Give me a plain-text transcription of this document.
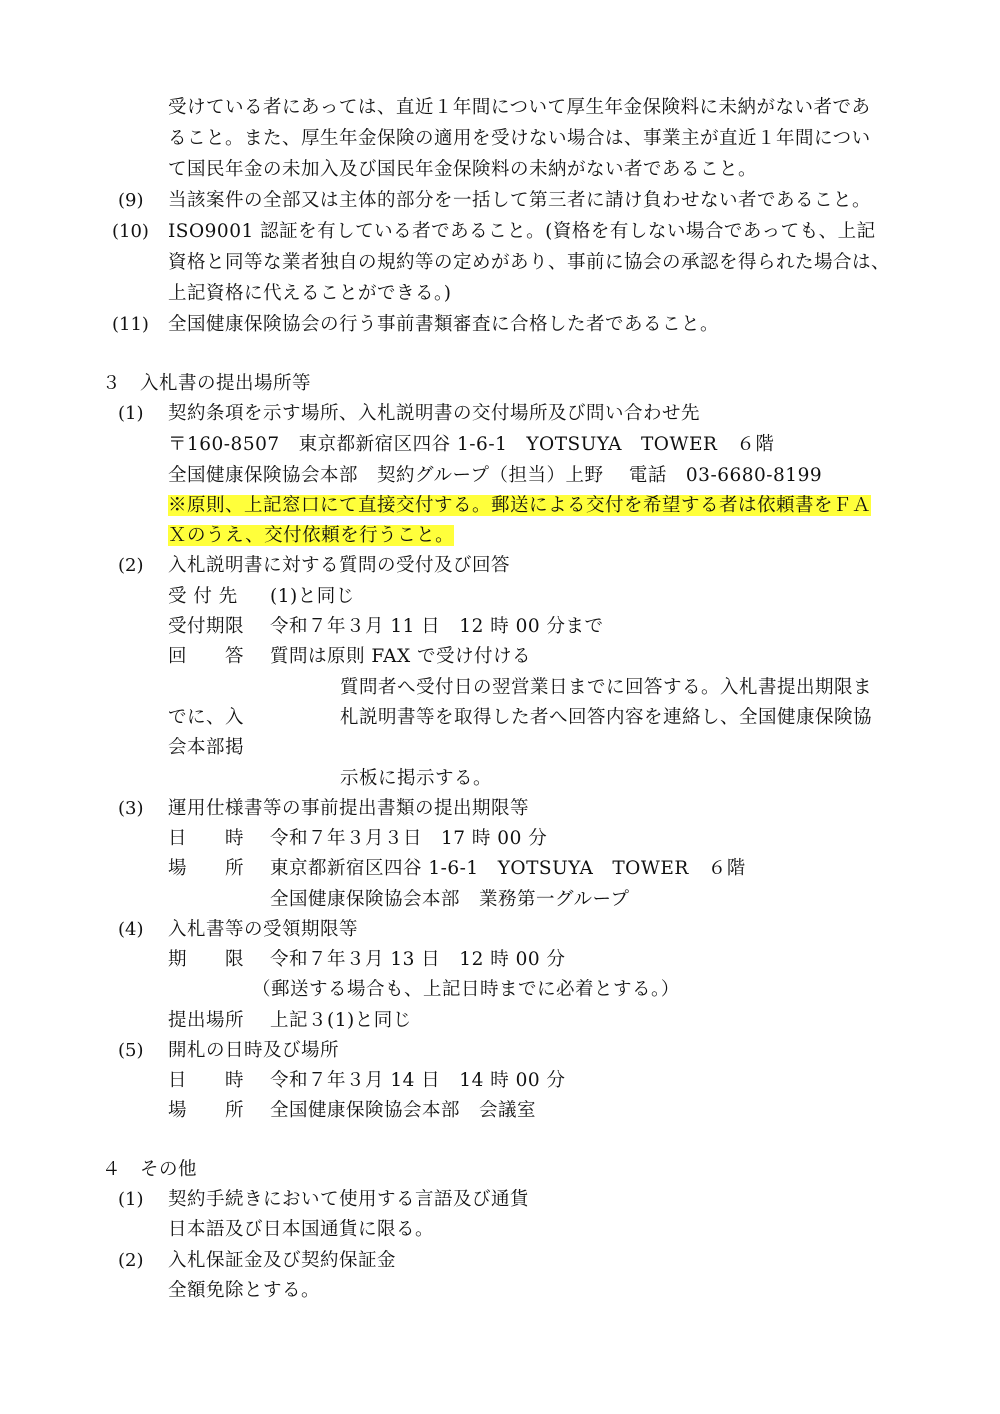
受けている者にあっては、直近１年間について厚生年金保険料に未納がない者であ
ること。また、厚生年金保険の適用を受けない場合は、事業主が直近１年間につい
て国民年金の未加入及び国民年金保険料の未納がない者であること。
(9) 当該案件の全部又は主体的部分を一括して第三者に請け負わせない者であること。
(10) ISO9001 認証を有している者であること。(資格を有しない場合であっても、上記
資格と同等な業者独自の規約等の定めがあり、事前に協会の承認を得られた場合は、
上記資格に代えることができる。)
(11) 全国健康保険協会の行う事前書類審査に合格した者であること。
３　入札書の提出場所等
(1) 契約条項を示す場所、入札説明書の交付場所及び問い合わせ先
〒160-8507　東京都新宿区四谷 1-6-1　YOTSUYA　TOWER　６階
全国健康保険協会本部　契約グループ（担当）上野　 電話　03-6680-8199
※原則、上記窓口にて直接交付する。郵送による交付を希望する者は依頼書をＦＡ
Ｘのうえ、交付依頼を行うこと。
(2) 入札説明書に対する質問の受付及び回答
受 付 先 (1)と同じ
受付期限 令和７年３月 11 日　12 時 00 分まで
回　　答 質問は原則 FAX で受け付ける
質問者へ受付日の翌営業日までに回答する。入札書提出期限ま
でに、入	札説明書等を取得した者へ回答内容を連絡し、全国健康保険協
会本部掲
示板に掲示する。
(3) 運用仕様書等の事前提出書類の提出期限等
日　　時 令和７年３月３日　17 時 00 分
場　　所 東京都新宿区四谷 1-6-1　YOTSUYA　TOWER　６階
全国健康保険協会本部　業務第一グループ
(4) 入札書等の受領期限等
期　　限 令和７年３月 13 日　12 時 00 分
（郵送する場合も、上記日時までに必着とする。）
提出場所 上記３(1)と同じ
(5) 開札の日時及び場所
日　　時 令和７年３月 14 日　14 時 00 分
場　　所 全国健康保険協会本部　会議室
４　その他
(1) 契約手続きにおいて使用する言語及び通貨
日本語及び日本国通貨に限る。
(2) 入札保証金及び契約保証金
全額免除とする。
